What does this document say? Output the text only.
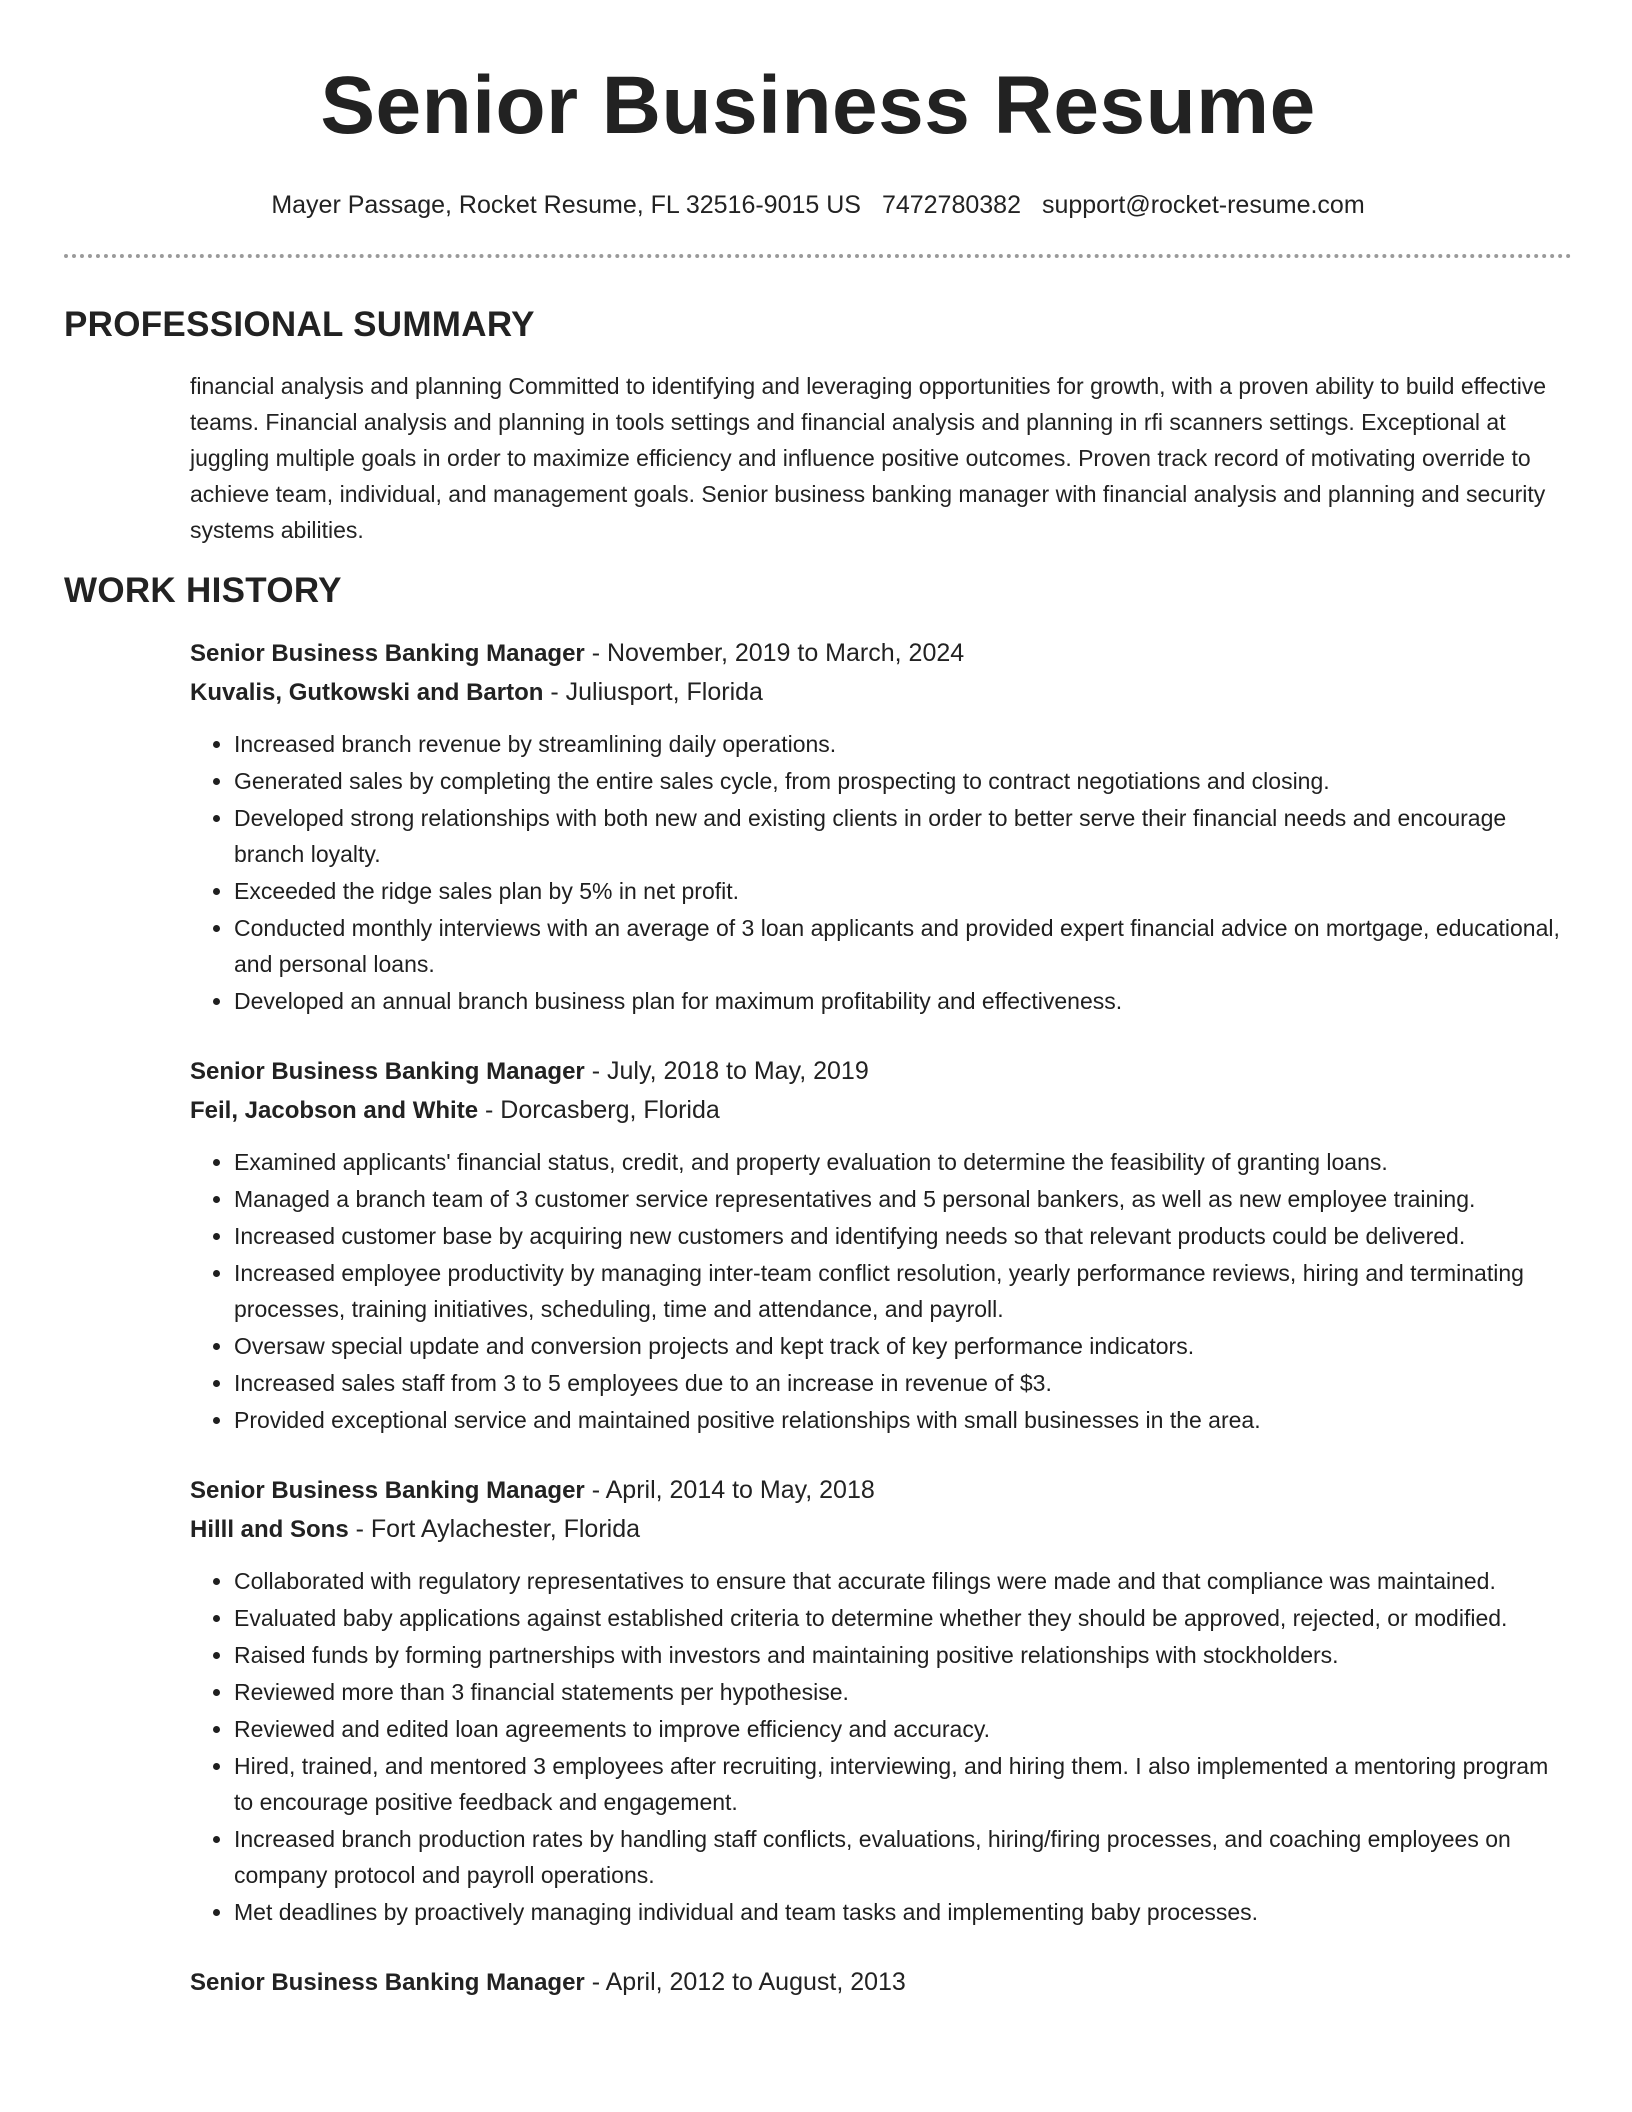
Senior Business Resume
Mayer Passage, Rocket Resume, FL 32516-9015 US 7472780382 support@rocket-resume.com
PROFESSIONAL SUMMARY

financial analysis and planning Committed to identifying and leveraging opportunities for growth, with a proven ability to build effective teams. Financial analysis and planning in tools settings and financial analysis and planning in rfi scanners settings. Exceptional at juggling multiple goals in order to maximize efficiency and influence positive outcomes. Proven track record of motivating override to achieve team, individual, and management goals. Senior business banking manager with financial analysis and planning and security systems abilities.

WORK HISTORY
Senior Business Banking Manager - November, 2019 to March, 2024
Kuvalis, Gutkowski and Barton - Juliusport, Florida
• Increased branch revenue by streamlining daily operations.
• Generated sales by completing the entire sales cycle, from prospecting to contract negotiations and closing.
• Developed strong relationships with both new and existing clients in order to better serve their financial needs and encourage branch loyalty.
• Exceeded the ridge sales plan by 5% in net profit.
• Conducted monthly interviews with an average of 3 loan applicants and provided expert financial advice on mortgage, educational, and personal loans.
• Developed an annual branch business plan for maximum profitability and effectiveness.
Senior Business Banking Manager - July, 2018 to May, 2019
Feil, Jacobson and White - Dorcasberg, Florida
• Examined applicants' financial status, credit, and property evaluation to determine the feasibility of granting loans.
• Managed a branch team of 3 customer service representatives and 5 personal bankers, as well as new employee training.
• Increased customer base by acquiring new customers and identifying needs so that relevant products could be delivered.
• Increased employee productivity by managing inter-team conflict resolution, yearly performance reviews, hiring and terminating processes, training initiatives, scheduling, time and attendance, and payroll.
• Oversaw special update and conversion projects and kept track of key performance indicators.
• Increased sales staff from 3 to 5 employees due to an increase in revenue of $3.
• Provided exceptional service and maintained positive relationships with small businesses in the area.
Senior Business Banking Manager - April, 2014 to May, 2018
Hilll and Sons - Fort Aylachester, Florida
• Collaborated with regulatory representatives to ensure that accurate filings were made and that compliance was maintained.
• Evaluated baby applications against established criteria to determine whether they should be approved, rejected, or modified.
• Raised funds by forming partnerships with investors and maintaining positive relationships with stockholders.
• Reviewed more than 3 financial statements per hypothesise.
• Reviewed and edited loan agreements to improve efficiency and accuracy.
• Hired, trained, and mentored 3 employees after recruiting, interviewing, and hiring them. I also implemented a mentoring program to encourage positive feedback and engagement.
• Increased branch production rates by handling staff conflicts, evaluations, hiring/firing processes, and coaching employees on company protocol and payroll operations.
• Met deadlines by proactively managing individual and team tasks and implementing baby processes.
Senior Business Banking Manager - April, 2012 to August, 2013
